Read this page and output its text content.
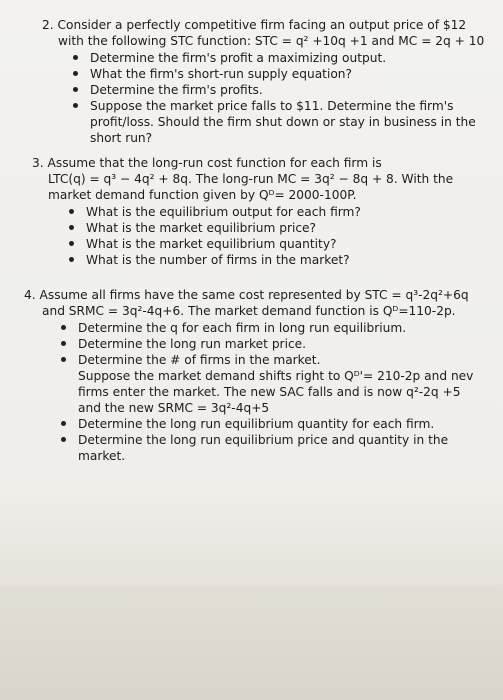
2. Consider a perfectly competitive firm facing an output price of $12
with the following STC function: STC = q² +10q +1 and MC = 2q + 10
Determine the firm's profit a maximizing output.
What the firm's short-run supply equation?
Determine the firm's profits.
Suppose the market price falls to $11. Determine the firm's
profit/loss. Should the firm shut down or stay in business in the
short run?
3. Assume that the long-run cost function for each firm is
LTC(q) = q³ − 4q² + 8q. The long-run MC = 3q² − 8q + 8. With the
market demand function given by Qᴰ= 2000-100P.
What is the equilibrium output for each firm?
What is the market equilibrium price?
What is the market equilibrium quantity?
What is the number of firms in the market?
4. Assume all firms have the same cost represented by STC = q³-2q²+6q
and SRMC = 3q²-4q+6. The market demand function is Qᴰ=110-2p.
Determine the q for each firm in long run equilibrium.
Determine the long run market price.
Determine the # of firms in the market.
Suppose the market demand shifts right to Qᴰ'= 210-2p and nev
firms enter the market. The new SAC falls and is now q²-2q +5
and the new SRMC = 3q²-4q+5
Determine the long run equilibrium quantity for each firm.
Determine the long run equilibrium price and quantity in the
market.
